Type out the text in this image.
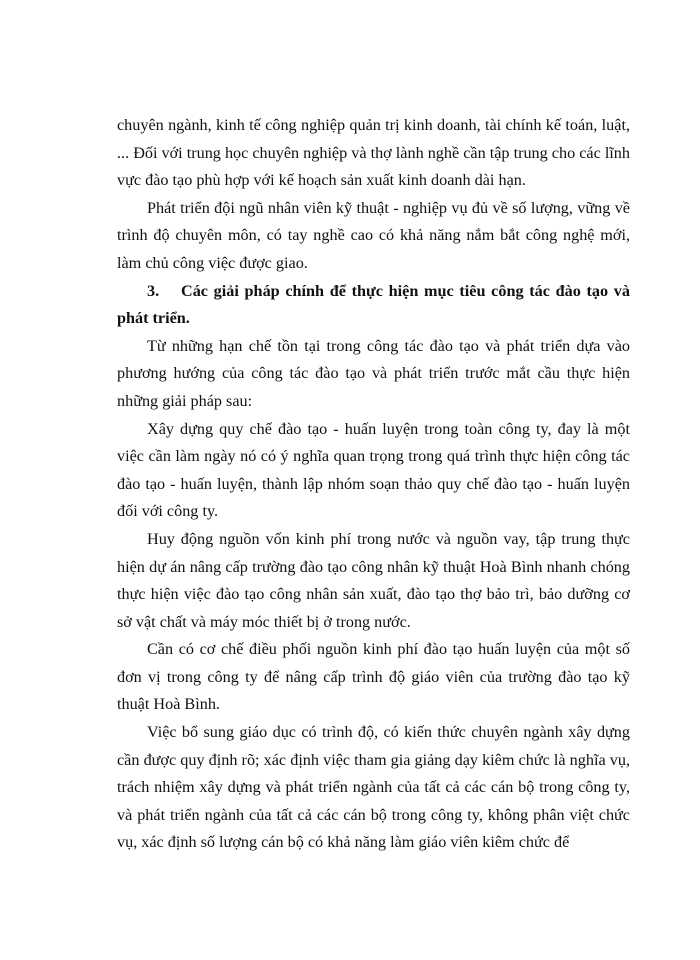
chuyên ngành, kinh tế công nghiệp quản trị kinh doanh, tài chính kế toán, luật, ... Đối với trung học chuyên nghiệp và thợ lành nghề cần tập trung cho các lĩnh vực đào tạo phù hợp với kế hoạch sản xuất kinh doanh dài hạn.

Phát triển đội ngũ nhân viên kỹ thuật - nghiệp vụ đủ về số lượng, vững về trình độ chuyên môn, có tay nghề cao có khả năng nắm bắt công nghệ mới, làm chủ công việc được giao.

3. Các giải pháp chính để thực hiện mục tiêu công tác đào tạo và phát triển.

Từ những hạn chế tồn tại trong công tác đào tạo và phát triển dựa vào phương hướng của công tác đào tạo và phát triển trước mắt cầu thực hiện những giải pháp sau:

Xây dựng quy chế đào tạo - huấn luyện trong toàn công ty, đay là một việc cần làm ngày nó có ý nghĩa quan trọng trong quá trình thực hiện công tác đào tạo - huấn luyện, thành lập nhóm soạn thảo quy chế đào tạo - huấn luyện đối với công ty.

Huy động nguồn vốn kinh phí trong nước và nguồn vay, tập trung thực hiện dự án nâng cấp trường đào tạo công nhân kỹ thuật Hoà Bình nhanh chóng thực hiện việc đào tạo công nhân sản xuất, đào tạo thợ bảo trì, bảo dưỡng cơ sở vật chất và máy móc thiết bị ở trong nước.

Cần có cơ chế điều phối nguồn kinh phí đào tạo huấn luyện của một số đơn vị trong công ty để nâng cấp trình độ giáo viên của trường đào tạo kỹ thuật Hoà Bình.

Việc bổ sung giáo dục có trình độ, có kiến thức chuyên ngành xây dựng cần được quy định rõ; xác định việc tham gia giảng dạy kiêm chức là nghĩa vụ, trách nhiệm xây dựng và phát triển ngành của tất cả các cán bộ trong công ty, và phát triển ngành của tất cả các cán bộ trong công ty, không phân việt chức vụ, xác định số lượng cán bộ có khả năng làm giáo viên kiêm chức để
